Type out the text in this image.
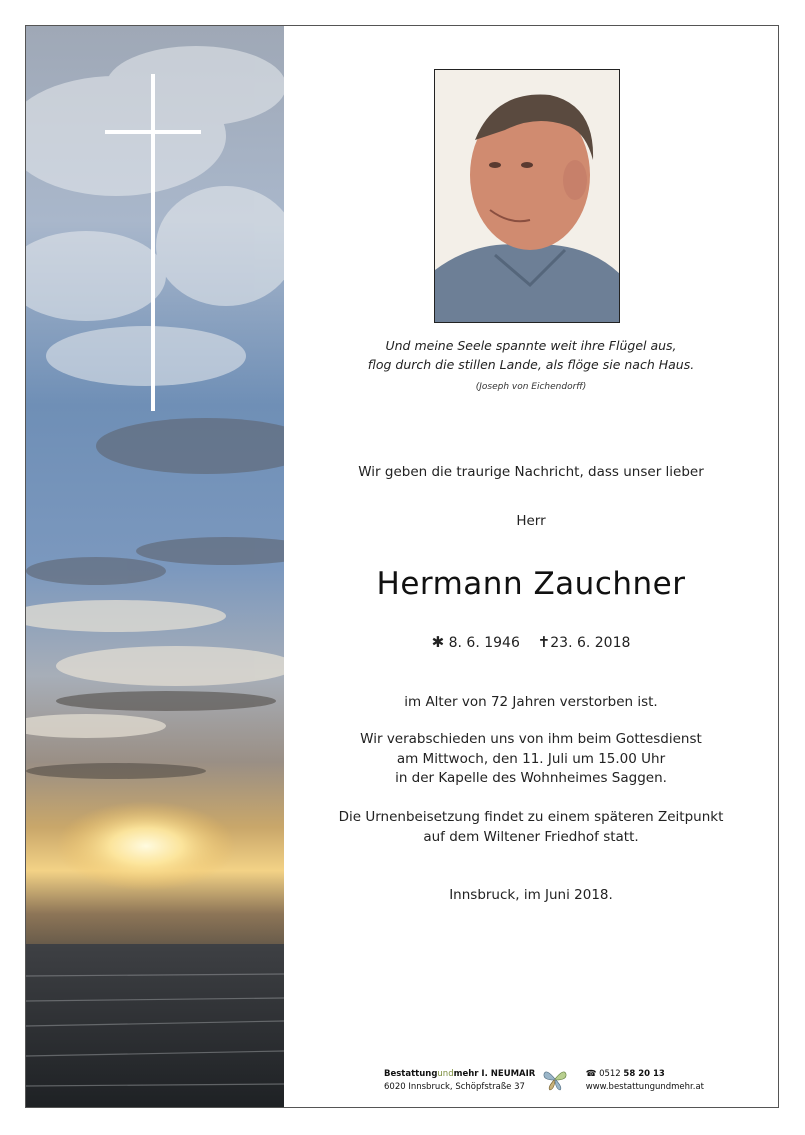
Und meine Seele spannte weit ihre Flügel aus,
flog durch die stillen Lande, als flöge sie nach Haus.
(Joseph von Eichendorff)
Wir geben die traurige Nachricht, dass unser lieber
Herr
Hermann Zauchner
✱ 8. 6. 1946 ✝23. 6. 2018
im Alter von 72 Jahren verstorben ist.
Wir verabschieden uns von ihm beim Gottesdienst
am Mittwoch, den 11. Juli um 15.00 Uhr
in der Kapelle des Wohnheimes Saggen.
Die Urnenbeisetzung findet zu einem späteren Zeitpunkt
auf dem Wiltener Friedhof statt.
Innsbruck, im Juni 2018.
Bestattungundmehr I. NEUMAIR
6020 Innsbruck, Schöpfstraße 37
☎ 0512 58 20 13
www.bestattungundmehr.at
